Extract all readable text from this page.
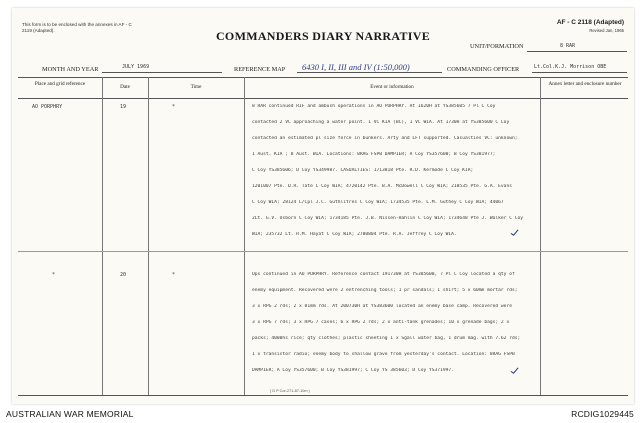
This form is to be enclosed with the annexes in AF - C 2119 (Adapted).	COMMANDERS DIARY NARRATIVE
AF - C 2118 (Adapted)
Revised Jan, 1965
UNIT/FORMATION	8 RAR
MONTH AND YEAR	JULY 1969	REFERENCE MAP 6430 I, II, III and IV (1:50,000)	COMMANDING OFFICER	Lt.Col.K.J. Morrison OBE
Place and grid reference	Date	Time	Event or information	Annex letter and enclosure number
AO PORPHRY	19	*	8 RAR continued RIF and ambush operations in AO PORPHRY. At 1620H at YS385605 7 Pl C Coy
contacted 2 VC approaching a water point. 1 VC KIA (BC), 1 VC WIA. At 1730H at YS385600 C Coy
contacted an estimated pl size force in bunkers. Arty and LFT supported. Casualties VC: unknown;
1 Aust. KIA ; 8 Aust. WIA. Locations: 8RAG FSPB DAMPIER; A Coy YS357600; B Coy YS381977;
C Coy YS385606; D Coy YS349987. CASUALTIES: 1713818 Pte. R.D. Kermode C Coy KIA;
1201007 Pte. D.R. Tate C Coy WIA; 4720142 Pte. B.A. McDowell C Coy WIA; 218535 Pte. G.A. Evans
C Coy WIA; 28124 L/Cpl J.C. Guthlitres C Coy WIA; 1734535 Pte. L.M. Guthey C Coy WIA; 44067
2Lt. G.V. Osborn C Coy WIA; 1734185 Pte. J.B. Nissen-Hahlin C Coy WIA; 1734648 Pte J. Walker C Coy
WIA; 235732 Lt. R.M. Hayat C Coy WIA; 2780804 Pte. R.A. Jeffrey C Coy WIA.
*	20	*	Ops continued in AO PORPHRY. Reference contact 191730H at YS385600, 7 Pl C Coy located a qty of
enemy equipment. Recovered were 2 entrenching tools; 1 pr sandals; 1 shirt; 5 x 60mm mortar rds;
3 x RPG 2 rds; 2 x 81mm rds. At 200730H at YS383600 located an enemy base camp. Recovered were
3 x RPG 7 rds; 3 x RPG 7 cases; 6 x RPG 2 rds; 2 x anti-tank grenades; 10 x grenade bags; 2 x
packs; 4000hs rice; qty clothes; plastic sheeting 1 x Sgall water bag, 1 drum mag. with 7.62 rds;
1 x transistor radio; enemy body to shallow grave from yesterday's contact. Location: 8RAG FSPB
DAMPIER; A Coy YS357600; B Coy YS381997; C Coy YS 385603; D Coy YS371997.
( D P Cor-271-87-10m )
AUSTRALIAN WAR MEMORIAL	RCDIG1029445
